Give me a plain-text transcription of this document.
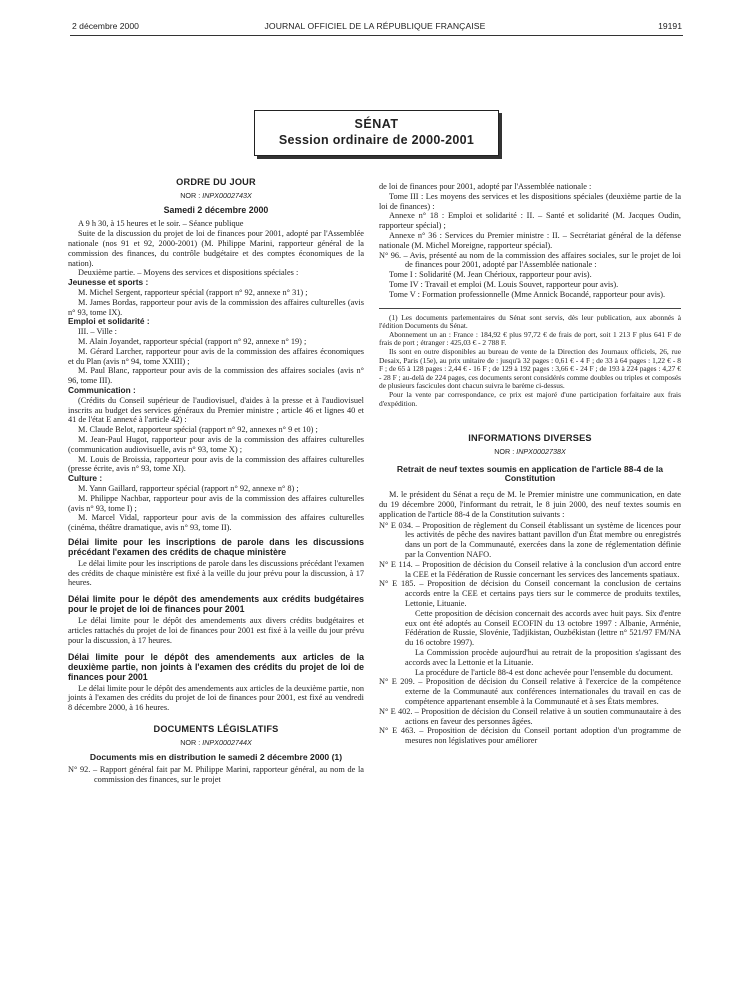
2 décembre 2000	JOURNAL OFFICIEL DE LA RÉPUBLIQUE FRANÇAISE	19191
SÉNAT
Session ordinaire de 2000-2001
ORDRE DU JOUR
NOR : INPX0002743X
Samedi 2 décembre 2000

A 9 h 30, à 15 heures et le soir. – Séance publique

Suite de la discussion du projet de loi de finances pour 2001, adopté par l'Assemblée nationale (nos 91 et 92, 2000-2001) (M. Philippe Marini, rapporteur général de la commission des finances, du contrôle budgétaire et des comptes économiques de la nation).

Deuxième partie. – Moyens des services et dispositions spéciales :

Jeunesse et sports :

M. Michel Sergent, rapporteur spécial (rapport n° 92, annexe n° 31) ;

M. James Bordas, rapporteur pour avis de la commission des affaires culturelles (avis n° 93, tome IX).

Emploi et solidarité :

III. – Ville :

M. Alain Joyandet, rapporteur spécial (rapport n° 92, annexe n° 19) ;

M. Gérard Larcher, rapporteur pour avis de la commission des affaires économiques et du Plan (avis n° 94, tome XXIII) ;

M. Paul Blanc, rapporteur pour avis de la commission des affaires sociales (avis n° 96, tome III).

Communication :

(Crédits du Conseil supérieur de l'audiovisuel, d'aides à la presse et à l'audiovisuel inscrits au budget des services généraux du Premier ministre ; article 46 et lignes 40 et 41 de l'état E annexé à l'article 42) :

M. Claude Belot, rapporteur spécial (rapport n° 92, annexes n° 9 et 10) ;

M. Jean-Paul Hugot, rapporteur pour avis de la commission des affaires culturelles (communication audiovisuelle, avis n° 93, tome X) ;

M. Louis de Broissia, rapporteur pour avis de la commission des affaires culturelles (presse écrite, avis n° 93, tome XI).

Culture :

M. Yann Gaillard, rapporteur spécial (rapport n° 92, annexe n° 8) ;

M. Philippe Nachbar, rapporteur pour avis de la commission des affaires culturelles (avis n° 93, tome I) ;

M. Marcel Vidal, rapporteur pour avis de la commission des affaires culturelles (cinéma, théâtre dramatique, avis n° 93, tome II).

Délai limite pour les inscriptions de parole dans les discussions précédant l'examen des crédits de chaque ministère

Le délai limite pour les inscriptions de parole dans les discussions précédant l'examen des crédits de chaque ministère est fixé à la veille du jour prévu pour la discussion, à 17 heures.

Délai limite pour le dépôt des amendements aux crédits budgétaires pour le projet de loi de finances pour 2001

Le délai limite pour le dépôt des amendements aux divers crédits budgétaires et articles rattachés du projet de loi de finances pour 2001 est fixé à la veille du jour prévu pour la discussion, à 17 heures.

Délai limite pour le dépôt des amendements aux articles de la deuxième partie, non joints à l'examen des crédits du projet de loi de finances pour 2001

Le délai limite pour le dépôt des amendements aux articles de la deuxième partie, non joints à l'examen des crédits du projet de loi de finances pour 2001, est fixé au vendredi 8 décembre 2000, à 16 heures.

DOCUMENTS LÉGISLATIFS
NOR : INPX0002744X
Documents mis en distribution le samedi 2 décembre 2000 (1)

N° 92. – Rapport général fait par M. Philippe Marini, rapporteur général, au nom de la commission des finances, sur le projet

de loi de finances pour 2001, adopté par l'Assemblée nationale :

Tome III : Les moyens des services et les dispositions spéciales (deuxième partie de la loi de finances) :

Annexe n° 18 : Emploi et solidarité : II. – Santé et solidarité (M. Jacques Oudin, rapporteur spécial) ;

Annexe n° 36 : Services du Premier ministre : II. – Secrétariat général de la défense nationale (M. Michel Moreigne, rapporteur spécial).

N° 96. – Avis, présenté au nom de la commission des affaires sociales, sur le projet de loi de finances pour 2001, adopté par l'Assemblée nationale :

Tome I : Solidarité (M. Jean Chérioux, rapporteur pour avis).

Tome IV : Travail et emploi (M. Louis Souvet, rapporteur pour avis).

Tome V : Formation professionnelle (Mme Annick Bocandé, rapporteur pour avis).

(1) Les documents parlementaires du Sénat sont servis, dès leur publication, aux abonnés à l'édition Documents du Sénat.

Abonnement un an : France : 184,92 € plus 97,72 € de frais de port, soit 1 213 F plus 641 F de frais de port ; étranger : 425,03 € - 2 788 F.

Ils sont en outre disponibles au bureau de vente de la Direction des Journaux officiels, 26, rue Desaix, Paris (15e), au prix unitaire de : jusqu'à 32 pages : 0,61 € - 4 F ; de 33 à 64 pages : 1,22 € - 8 F ; de 65 à 128 pages : 2,44 € - 16 F ; de 129 à 192 pages : 3,66 € - 24 F ; de 193 à 224 pages : 4,27 € - 28 F ; au-delà de 224 pages, ces documents seront considérés comme doubles ou triples et composés de plusieurs fascicules dont chacun suivra le barème ci-dessus.

Pour la vente par correspondance, ce prix est majoré d'une participation forfaitaire aux frais d'expédition.

INFORMATIONS DIVERSES
NOR : INPX0002738X
Retrait de neuf textes soumis en application de l'article 88-4 de la Constitution

M. le président du Sénat a reçu de M. le Premier ministre une communication, en date du 19 décembre 2000, l'informant du retrait, le 8 juin 2000, des neuf textes soumis en application de l'article 88-4 de la Constitution suivants :

N° E 034. – Proposition de règlement du Conseil établissant un système de licences pour les activités de pêche des navires battant pavillon d'un État membre ou enregistrés dans un port de la Communauté, exercées dans la zone de réglementation définie par la Convention NAFO.

N° E 114. – Proposition de décision du Conseil relative à la conclusion d'un accord entre la CEE et la Fédération de Russie concernant les services des lancements spatiaux.

N° E 185. – Proposition de décision du Conseil concernant la conclusion de certains accords entre la CEE et certains pays tiers sur le commerce de produits textiles, Lettonie, Lituanie.

Cette proposition de décision concernait des accords avec huit pays. Six d'entre eux ont été adoptés au Conseil ECOFIN du 13 octobre 1997 : Albanie, Arménie, Fédération de Russie, Slovénie, Tadjikistan, Ouzbékistan (lettre n° 521/97 FM/NA du 16 octobre 1997).

La Commission procède aujourd'hui au retrait de la proposition s'agissant des accords avec la Lettonie et la Lituanie.

La procédure de l'article 88-4 est donc achevée pour l'ensemble du document.

N° E 209. – Proposition de décision du Conseil relative à l'exercice de la compétence externe de la Communauté aux conférences internationales du travail en cas de compétence appartenant ensemble à la Communauté et à ses États membres.

N° E 402. – Proposition de décision du Conseil relative à un soutien communautaire à des actions en faveur des personnes âgées.

N° E 463. – Proposition de décision du Conseil portant adoption d'un programme de mesures non législatives pour améliorer
